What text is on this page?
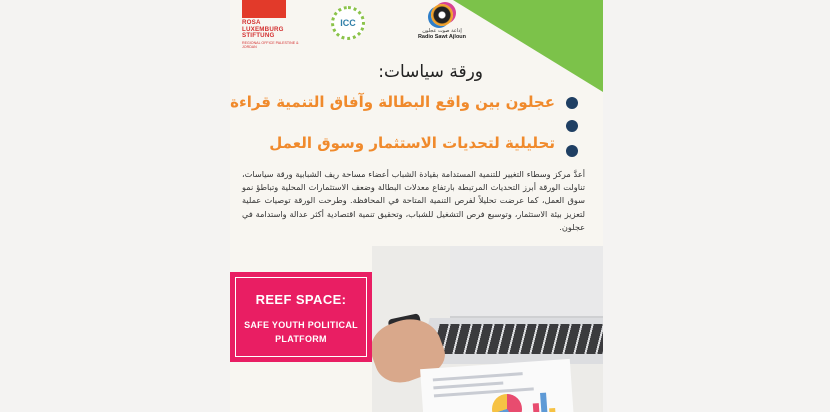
ROSA
LUXEMBURG
STIFTUNG
REGIONAL OFFICE PALESTINE & JORDAN
ICC
إذاعة صوت عجلون
Radio Sawt Ajloun
ورقة سياسات:
عجلون بين واقع البطالة وآفاق التنمية قراءة
تحليلية لتحديات الاستثمار وسوق العمل

أعدَّ مركز وسطاء التغيير للتنمية المستدامة بقيادة الشباب أعضاء مساحة ريف الشبابية ورقة سياسات، تناولت الورقة أبرز التحديات المرتبطة بارتفاع معدلات البطالة وضعف الاستثمارات المحلية وتباطؤ نمو سوق العمل، كما عرضت تحليلاً لفرص التنمية المتاحة في المحافظة. وطرحت الورقة توصيات عملية لتعزيز بيئة الاستثمار، وتوسيع فرص التشغيل للشباب، وتحقيق تنمية اقتصادية أكثر عدالة واستدامة في عجلون.

REEF SPACE:
SAFE YOUTH POLITICAL
PLATFORM
